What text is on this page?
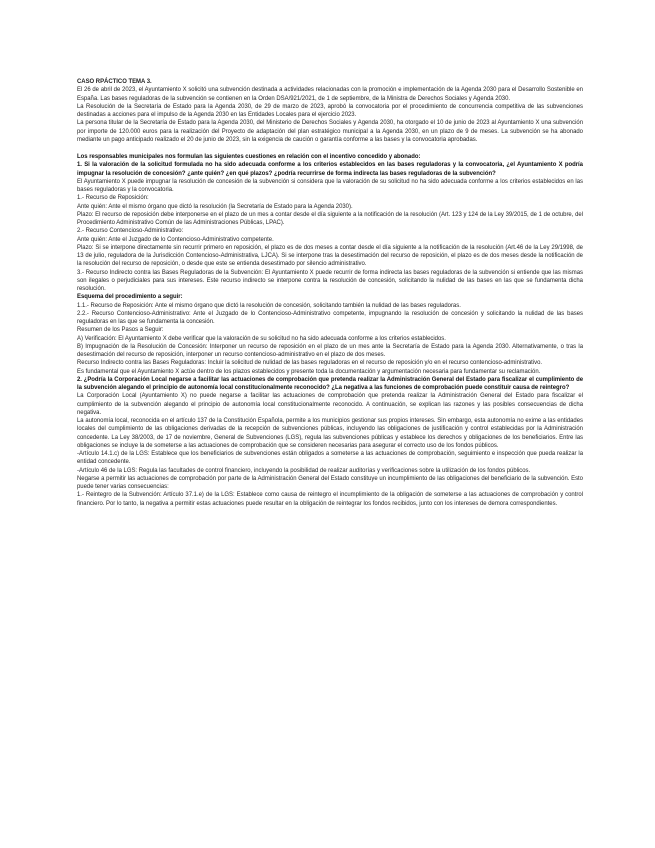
CASO RPÁCTICO TEMA 3.

El 26 de abril de 2023, el Ayuntamiento X solicitó una subvención destinada a actividades relacionadas con la promoción e implementación de la Agenda 2030 para el Desarrollo Sostenible en España. Las bases reguladoras de la subvención se contienen en la Orden DSA/921/2021, de 1 de septiembre, de la Ministra de Derechos Sociales y Agenda 2030.

La Resolución de la Secretaría de Estado para la Agenda 2030, de 29 de marzo de 2023, aprobó la convocatoria por el procedimiento de concurrencia competitiva de las subvenciones destinadas a acciones para el impulso de la Agenda 2030 en las Entidades Locales para el ejercicio 2023.

La persona titular de la Secretaría de Estado para la Agenda 2030, del Ministerio de Derechos Sociales y Agenda 2030, ha otorgado el 10 de junio de 2023 al Ayuntamiento X una subvención por importe de 120.000 euros para la realización del Proyecto de adaptación del plan estratégico municipal a la Agenda 2030, en un plazo de 9 de meses. La subvención se ha abonado mediante un pago anticipado realizado el 20 de junio de 2023, sin la exigencia de caución o garantía conforme a las bases y la convocatoria aprobadas.

Los responsables municipales nos formulan las siguientes cuestiones en relación con el incentivo concedido y abonado:

1. Si la valoración de la solicitud formulada no ha sido adecuada conforme a los criterios establecidos en las bases reguladoras y la convocatoria, ¿el Ayuntamiento X podría impugnar la resolución de concesión? ¿ante quién? ¿en qué plazos? ¿podría recurrirse de forma indirecta las bases reguladoras de la subvención?

El Ayuntamiento X puede impugnar la resolución de concesión de la subvención si considera que la valoración de su solicitud no ha sido adecuada conforme a los criterios establecidos en las bases reguladoras y la convocatoria.

1.- Recurso de Reposición:

Ante quién: Ante el mismo órgano que dictó la resolución (la Secretaría de Estado para la Agenda 2030).

Plazo: El recurso de reposición debe interponerse en el plazo de un mes a contar desde el día siguiente a la notificación de la resolución (Art. 123 y 124 de la Ley 39/2015, de 1 de octubre, del Procedimiento Administrativo Común de las Administraciones Públicas, LPAC).

2.- Recurso Contencioso-Administrativo:

Ante quién: Ante el Juzgado de lo Contencioso-Administrativo competente.

Plazo: Si se interpone directamente sin recurrir primero en reposición, el plazo es de dos meses a contar desde el día siguiente a la notificación de la resolución (Art.46 de la Ley 29/1998, de 13 de julio, reguladora de la Jurisdicción Contencioso-Administrativa, LJCA). Si se interpone tras la desestimación del recurso de reposición, el plazo es de dos meses desde la notificación de la resolución del recurso de reposición, o desde que este se entienda desestimado por silencio administrativo.

3.- Recurso Indirecto contra las Bases Reguladoras de la Subvención: El Ayuntamiento X puede recurrir de forma indirecta las bases reguladoras de la subvención si entiende que las mismas son ilegales o perjudiciales para sus intereses. Este recurso indirecto se interpone contra la resolución de concesión, solicitando la nulidad de las bases en las que se fundamenta dicha resolución.

Esquema del procedimiento a seguir:

1.1.- Recurso de Reposición: Ante el mismo órgano que dictó la resolución de concesión, solicitando también la nulidad de las bases reguladoras.

2.2.- Recurso Contencioso-Administrativo: Ante el Juzgado de lo Contencioso-Administrativo competente, impugnando la resolución de concesión y solicitando la nulidad de las bases reguladoras en las que se fundamenta la concesión.

Resumen de los Pasos a Seguir:

A) Verificación: El Ayuntamiento X debe verificar que la valoración de su solicitud no ha sido adecuada conforme a los criterios establecidos.

B) Impugnación de la Resolución de Concesión: Interponer un recurso de reposición en el plazo de un mes ante la Secretaría de Estado para la Agenda 2030. Alternativamente, o tras la desestimación del recurso de reposición, interponer un recurso contencioso-administrativo en el plazo de dos meses.

Recurso Indirecto contra las Bases Reguladoras: Incluir la solicitud de nulidad de las bases reguladoras en el recurso de reposición y/o en el recurso contencioso-administrativo.

Es fundamental que el Ayuntamiento X actúe dentro de los plazos establecidos y presente toda la documentación y argumentación necesaria para fundamentar su reclamación.

2. ¿Podría la Corporación Local negarse a facilitar las actuaciones de comprobación que pretenda realizar la Administración General del Estado para fiscalizar el cumplimiento de la subvención alegando el principio de autonomía local constitucionalmente reconocido? ¿La negativa a las funciones de comprobación puede constituir causa de reintegro?

La Corporación Local (Ayuntamiento X) no puede negarse a facilitar las actuaciones de comprobación que pretenda realizar la Administración General del Estado para fiscalizar el cumplimiento de la subvención alegando el principio de autonomía local constitucionalmente reconocido. A continuación, se explican las razones y las posibles consecuencias de dicha negativa.

La autonomía local, reconocida en el artículo 137 de la Constitución Española, permite a los municipios gestionar sus propios intereses. Sin embargo, esta autonomía no exime a las entidades locales del cumplimiento de las obligaciones derivadas de la recepción de subvenciones públicas, incluyendo las obligaciones de justificación y control establecidas por la Administración concedente. La Ley 38/2003, de 17 de noviembre, General de Subvenciones (LGS), regula las subvenciones públicas y establece los derechos y obligaciones de los beneficiarios. Entre las obligaciones se incluye la de someterse a las actuaciones de comprobación que se consideren necesarias para asegurar el correcto uso de los fondos públicos.

-Artículo 14.1.c) de la LGS: Establece que los beneficiarios de subvenciones están obligados a someterse a las actuaciones de comprobación, seguimiento e inspección que pueda realizar la entidad concedente.

-Artículo 46 de la LGS: Regula las facultades de control financiero, incluyendo la posibilidad de realizar auditorías y verificaciones sobre la utilización de los fondos públicos.

Negarse a permitir las actuaciones de comprobación por parte de la Administración General del Estado constituye un incumplimiento de las obligaciones del beneficiario de la subvención. Esto puede tener varias consecuencias:

1.- Reintegro de la Subvención: Artículo 37.1.e) de la LGS: Establece como causa de reintegro el incumplimiento de la obligación de someterse a las actuaciones de comprobación y control financiero. Por lo tanto, la negativa a permitir estas actuaciones puede resultar en la obligación de reintegrar los fondos recibidos, junto con los intereses de demora correspondientes.
